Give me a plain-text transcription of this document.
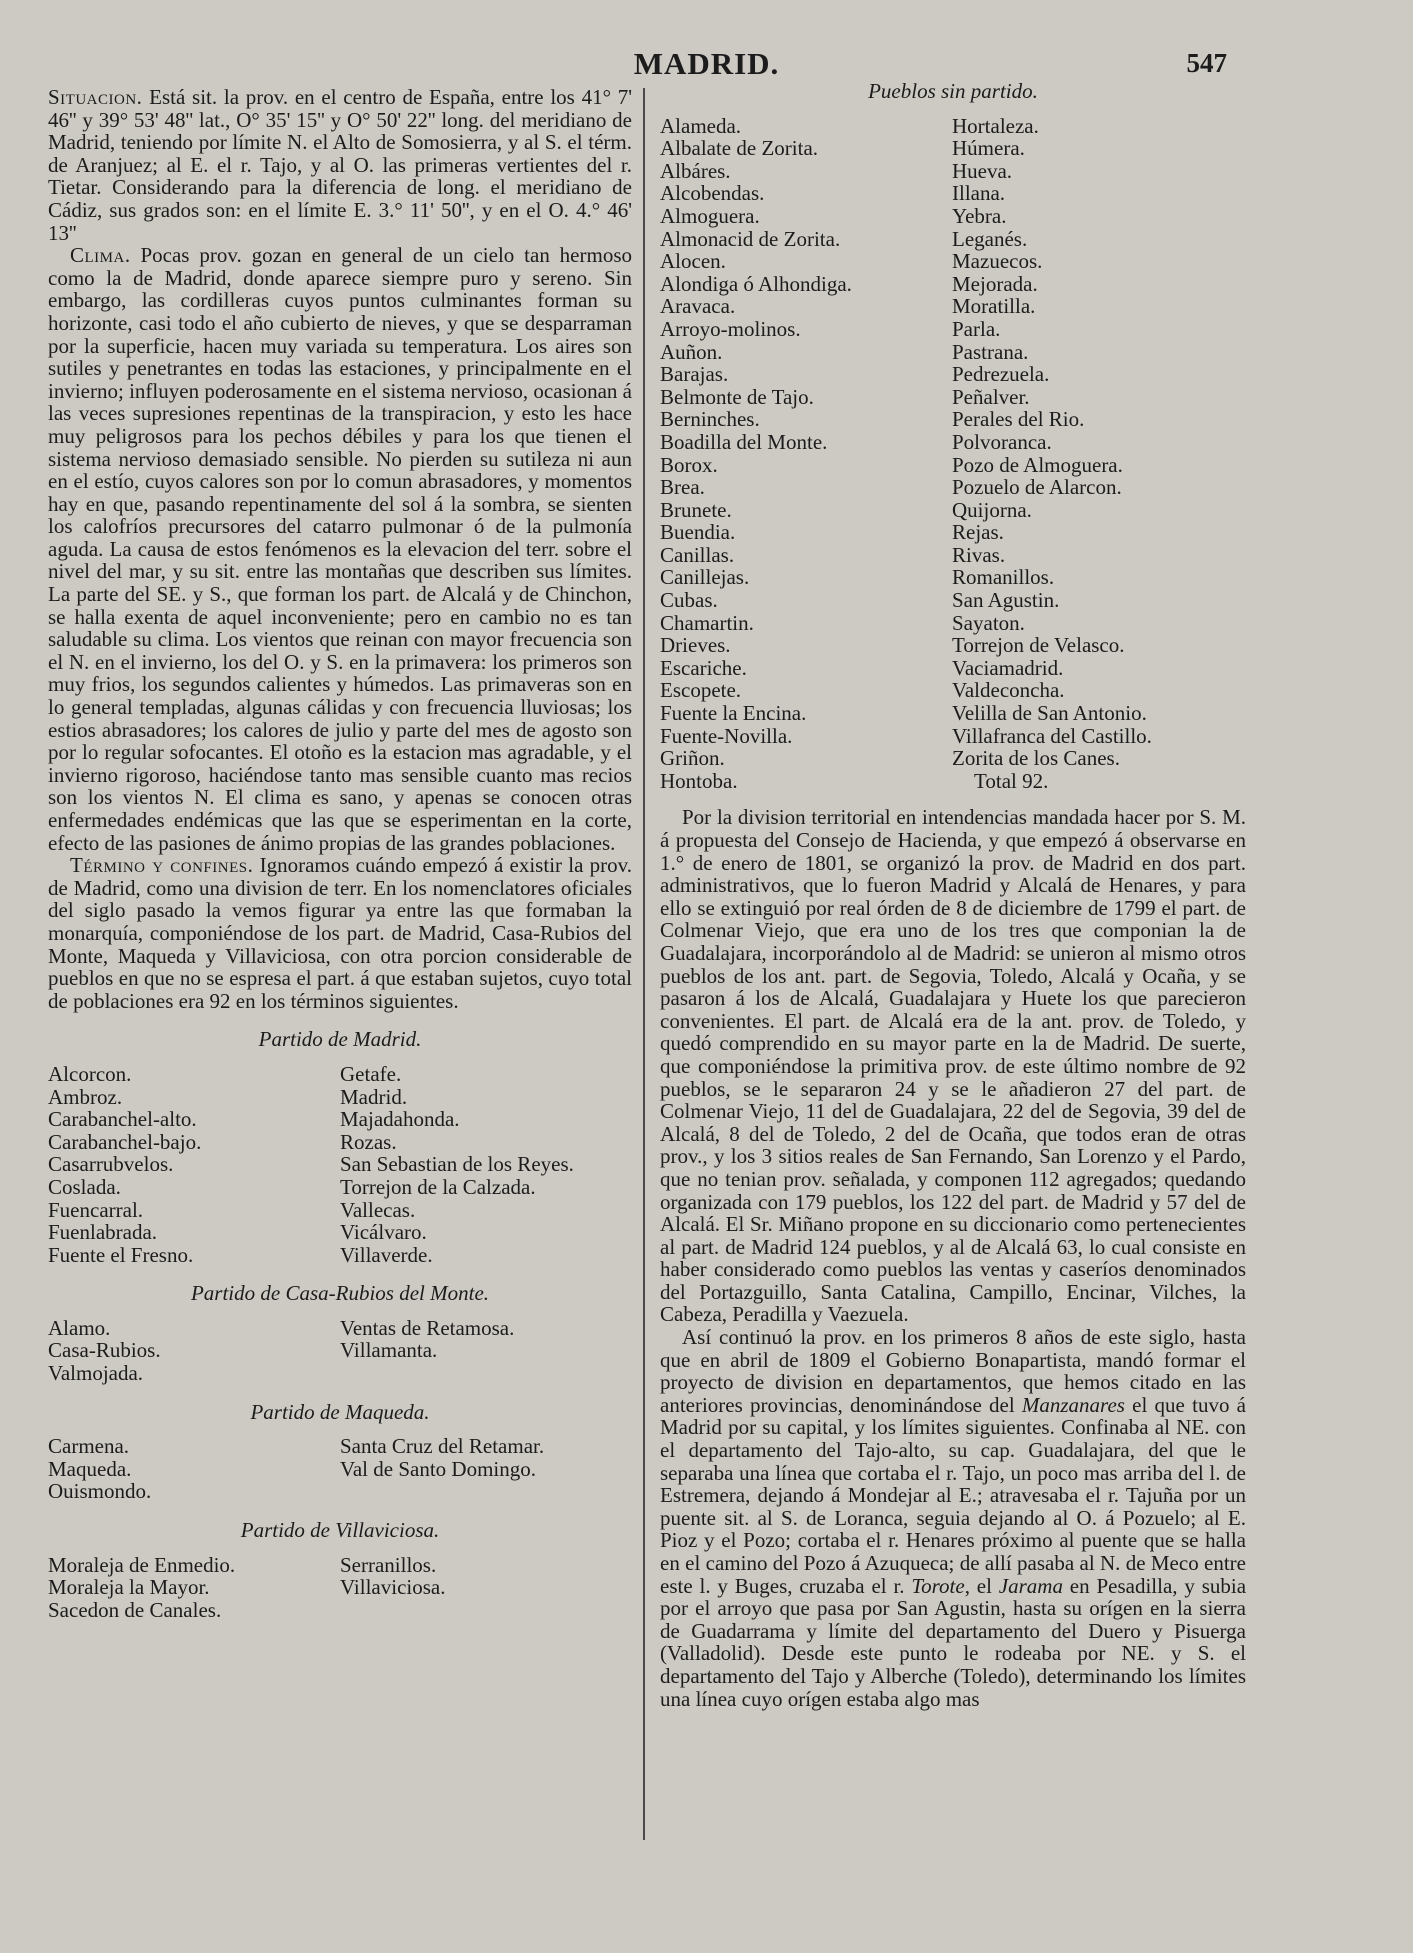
MADRID.	547

Situacion. Está sit. la prov. en el centro de España, entre los 41° 7' 46'' y 39° 53' 48'' lat., O° 35' 15'' y O° 50' 22'' long. del meridiano de Madrid, teniendo por límite N. el Alto de Somosierra, y al S. el térm. de Aranjuez; al E. el r. Tajo, y al O. las primeras vertientes del r. Tietar. Considerando para la diferencia de long. el meridiano de Cádiz, sus grados son: en el límite E. 3.° 11' 50'', y en el O. 4.° 46' 13''

Clima. Pocas prov. gozan en general de un cielo tan hermoso como la de Madrid, donde aparece siempre puro y sereno. Sin embargo, las cordilleras cuyos puntos culminantes forman su horizonte, casi todo el año cubierto de nieves, y que se desparraman por la superficie, hacen muy variada su temperatura. Los aires son sutiles y penetrantes en todas las estaciones, y principalmente en el invierno; influyen poderosamente en el sistema nervioso, ocasionan á las veces supresiones repentinas de la transpiracion, y esto les hace muy peligrosos para los pechos débiles y para los que tienen el sistema nervioso demasiado sensible. No pierden su sutileza ni aun en el estío, cuyos calores son por lo comun abrasadores, y momentos hay en que, pasando repentinamente del sol á la sombra, se sienten los calofríos precursores del catarro pulmonar ó de la pulmonía aguda. La causa de estos fenómenos es la elevacion del terr. sobre el nivel del mar, y su sit. entre las montañas que describen sus límites. La parte del SE. y S., que forman los part. de Alcalá y de Chinchon, se halla exenta de aquel inconveniente; pero en cambio no es tan saludable su clima. Los vientos que reinan con mayor frecuencia son el N. en el invierno, los del O. y S. en la primavera: los primeros son muy frios, los segundos calientes y húmedos. Las primaveras son en lo general templadas, algunas cálidas y con frecuencia lluviosas; los estios abrasadores; los calores de julio y parte del mes de agosto son por lo regular sofocantes. El otoño es la estacion mas agradable, y el invierno rigoroso, haciéndose tanto mas sensible cuanto mas recios son los vientos N. El clima es sano, y apenas se conocen otras enfermedades endémicas que las que se esperimentan en la corte, efecto de las pasiones de ánimo propias de las grandes poblaciones.

Término y confines. Ignoramos cuándo empezó á existir la prov. de Madrid, como una division de terr. En los nomenclatores oficiales del siglo pasado la vemos figurar ya entre las que formaban la monarquía, componiéndose de los part. de Madrid, Casa-Rubios del Monte, Maqueda y Villaviciosa, con otra porcion considerable de pueblos en que no se espresa el part. á que estaban sujetos, cuyo total de poblaciones era 92 en los términos siguientes.

Partido de Madrid.
Alcorcon.
Ambroz.
Carabanchel-alto.
Carabanchel-bajo.
Casarrubvelos.
Coslada.
Fuencarral.
Fuenlabrada.
Fuente el Fresno.
Getafe.
Madrid.
Majadahonda.
Rozas.
San Sebastian de los Reyes.
Torrejon de la Calzada.
Vallecas.
Vicálvaro.
Villaverde.
Partido de Casa-Rubios del Monte.
Alamo.
Casa-Rubios.
Valmojada.
Ventas de Retamosa.
Villamanta.
Partido de Maqueda.
Carmena.
Maqueda.
Ouismondo.
Santa Cruz del Retamar.
Val de Santo Domingo.
Partido de Villaviciosa.
Moraleja de Enmedio.
Moraleja la Mayor.
Sacedon de Canales.
Serranillos.
Villaviciosa.
Pueblos sin partido.
Alameda.
Albalate de Zorita.
Albáres.
Alcobendas.
Almoguera.
Almonacid de Zorita.
Alocen.
Alondiga ó Alhondiga.
Aravaca.
Arroyo-molinos.
Auñon.
Barajas.
Belmonte de Tajo.
Berninches.
Boadilla del Monte.
Borox.
Brea.
Brunete.
Buendia.
Canillas.
Canillejas.
Cubas.
Chamartin.
Drieves.
Escariche.
Escopete.
Fuente la Encina.
Fuente-Novilla.
Griñon.
Hontoba.
Hortaleza.
Húmera.
Hueva.
Illana.
Yebra.
Leganés.
Mazuecos.
Mejorada.
Moratilla.
Parla.
Pastrana.
Pedrezuela.
Peñalver.
Perales del Rio.
Polvoranca.
Pozo de Almoguera.
Pozuelo de Alarcon.
Quijorna.
Rejas.
Rivas.
Romanillos.
San Agustin.
Sayaton.
Torrejon de Velasco.
Vaciamadrid.
Valdeconcha.
Velilla de San Antonio.
Villafranca del Castillo.
Zorita de los Canes.
Total 92.

Por la division territorial en intendencias mandada hacer por S. M. á propuesta del Consejo de Hacienda, y que empezó á observarse en 1.° de enero de 1801, se organizó la prov. de Madrid en dos part. administrativos, que lo fueron Madrid y Alcalá de Henares, y para ello se extinguió por real órden de 8 de diciembre de 1799 el part. de Colmenar Viejo, que era uno de los tres que componian la de Guadalajara, incorporándolo al de Madrid: se unieron al mismo otros pueblos de los ant. part. de Segovia, Toledo, Alcalá y Ocaña, y se pasaron á los de Alcalá, Guadalajara y Huete los que parecieron convenientes. El part. de Alcalá era de la ant. prov. de Toledo, y quedó comprendido en su mayor parte en la de Madrid. De suerte, que componiéndose la primitiva prov. de este último nombre de 92 pueblos, se le separaron 24 y se le añadieron 27 del part. de Colmenar Viejo, 11 del de Guadalajara, 22 del de Segovia, 39 del de Alcalá, 8 del de Toledo, 2 del de Ocaña, que todos eran de otras prov., y los 3 sitios reales de San Fernando, San Lorenzo y el Pardo, que no tenian prov. señalada, y componen 112 agregados; quedando organizada con 179 pueblos, los 122 del part. de Madrid y 57 del de Alcalá. El Sr. Miñano propone en su diccionario como pertenecientes al part. de Madrid 124 pueblos, y al de Alcalá 63, lo cual consiste en haber considerado como pueblos las ventas y caseríos denominados del Portazguillo, Santa Catalina, Campillo, Encinar, Vilches, la Cabeza, Peradilla y Vaezuela.

Así continuó la prov. en los primeros 8 años de este siglo, hasta que en abril de 1809 el Gobierno Bonapartista, mandó formar el proyecto de division en departamentos, que hemos citado en las anteriores provincias, denominándose del Manzanares el que tuvo á Madrid por su capital, y los límites siguientes. Confinaba al NE. con el departamento del Tajo-alto, su cap. Guadalajara, del que le separaba una línea que cortaba el r. Tajo, un poco mas arriba del l. de Estremera, dejando á Mondejar al E.; atravesaba el r. Tajuña por un puente sit. al S. de Loranca, seguia dejando al O. á Pozuelo; al E. Pioz y el Pozo; cortaba el r. Henares próximo al puente que se halla en el camino del Pozo á Azuqueca; de allí pasaba al N. de Meco entre este l. y Buges, cruzaba el r. Torote, el Jarama en Pesadilla, y subia por el arroyo que pasa por San Agustin, hasta su orígen en la sierra de Guadarrama y límite del departamento del Duero y Pisuerga (Valladolid). Desde este punto le rodeaba por NE. y S. el departamento del Tajo y Alberche (Toledo), determinando los límites una línea cuyo orígen estaba algo mas
